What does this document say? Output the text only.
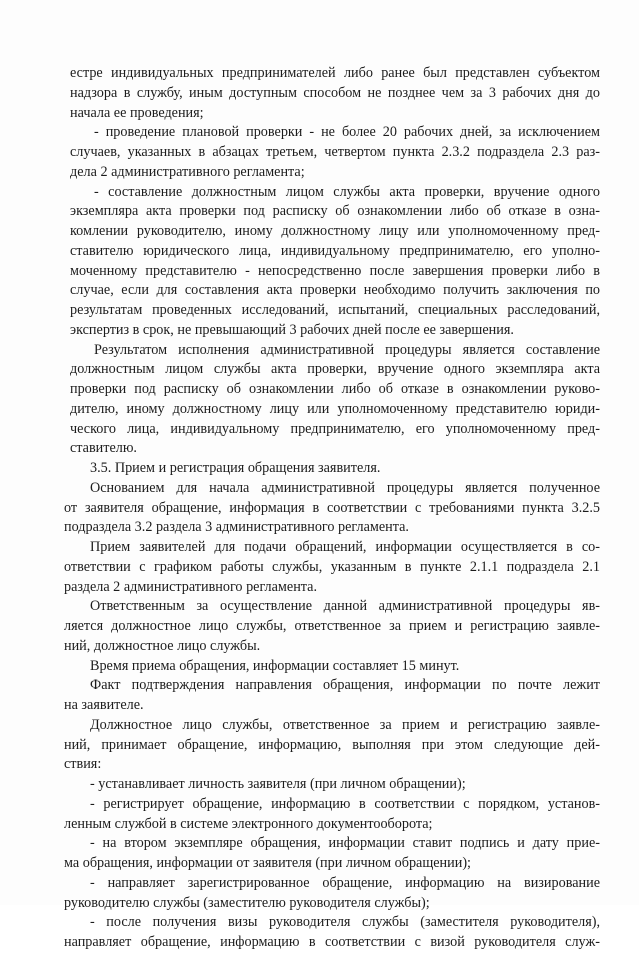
естре индивидуальных предпринимателей либо ранее был представлен субъектом
надзора в службу, иным доступным способом не позднее чем за 3 рабочих дня до
начала ее проведения;
- проведение плановой проверки - не более 20 рабочих дней, за исключением
случаев, указанных в абзацах третьем, четвертом пункта 2.3.2 подраздела 2.3 раз-
дела 2 административного регламента;
- составление должностным лицом службы акта проверки, вручение одного
экземпляра акта проверки под расписку об ознакомлении либо об отказе в озна-
комлении руководителю, иному должностному лицу или уполномоченному пред-
ставителю юридического лица, индивидуальному предпринимателю, его уполно-
моченному представителю - непосредственно после завершения проверки либо в
случае, если для составления акта проверки необходимо получить заключения по
результатам проведенных исследований, испытаний, специальных расследований,
экспертиз в срок, не превышающий 3 рабочих дней после ее завершения.
Результатом исполнения административной процедуры является составление
должностным лицом службы акта проверки, вручение одного экземпляра акта
проверки под расписку об ознакомлении либо об отказе в ознакомлении руково-
дителю, иному должностному лицу или уполномоченному представителю юриди-
ческого лица, индивидуальному предпринимателю, его уполномоченному пред-
ставителю.
3.5. Прием и регистрация обращения заявителя.
Основанием для начала административной процедуры является полученное
от заявителя обращение, информация в соответствии с требованиями пункта 3.2.5
подраздела 3.2 раздела 3 административного регламента.
Прием заявителей для подачи обращений, информации осуществляется в со-
ответствии с графиком работы службы, указанным в пункте 2.1.1 подраздела 2.1
раздела 2 административного регламента.
Ответственным за осуществление данной административной процедуры яв-
ляется должностное лицо службы, ответственное за прием и регистрацию заявле-
ний, должностное лицо службы.
Время приема обращения, информации составляет 15 минут.
Факт подтверждения направления обращения, информации по почте лежит
на заявителе.
Должностное лицо службы, ответственное за прием и регистрацию заявле-
ний, принимает обращение, информацию, выполняя при этом следующие дей-
ствия:
- устанавливает личность заявителя (при личном обращении);
- регистрирует обращение, информацию в соответствии с порядком, установ-
ленным службой в системе электронного документооборота;
- на втором экземпляре обращения, информации ставит подпись и дату прие-
ма обращения, информации от заявителя (при личном обращении);
- направляет зарегистрированное обращение, информацию на визирование
руководителю службы (заместителю руководителя службы);
- после получения визы руководителя службы (заместителя руководителя),
направляет обращение, информацию в соответствии с визой руководителя служ-
